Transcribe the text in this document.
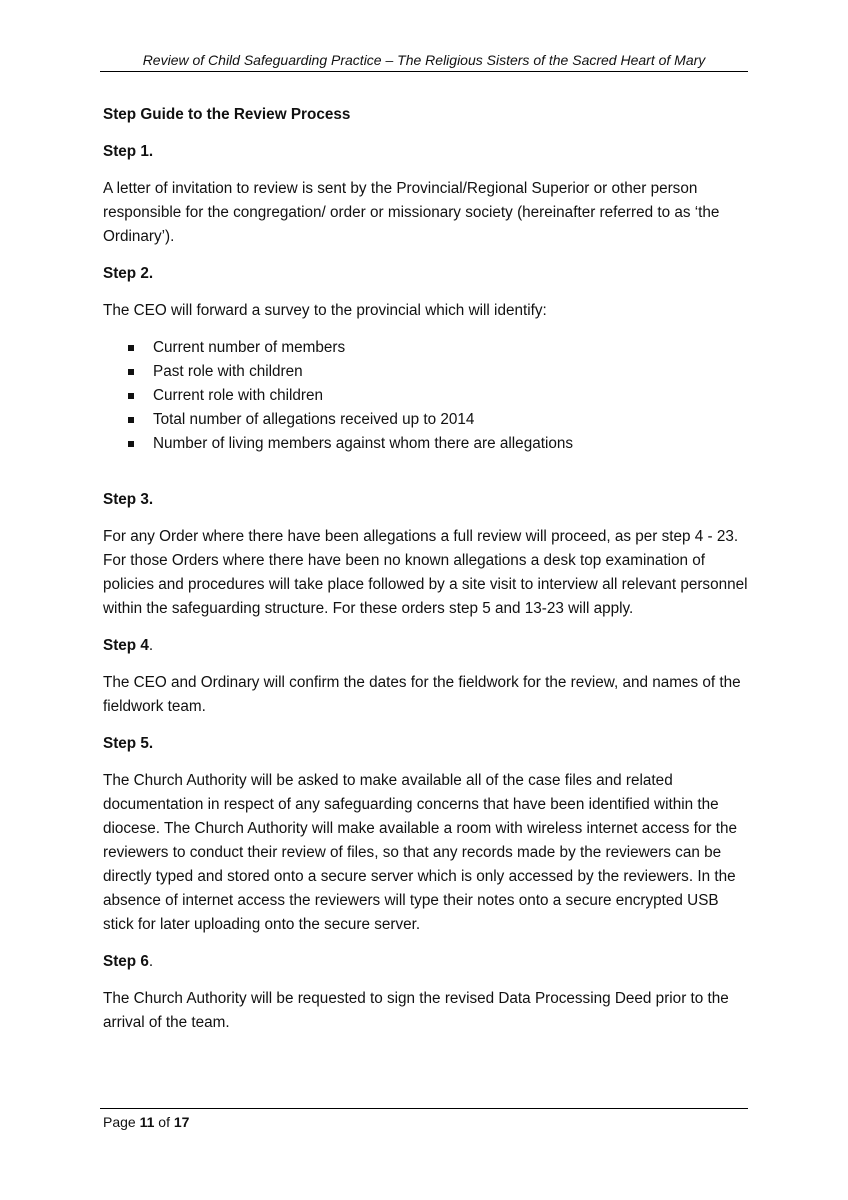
Review of Child Safeguarding Practice – The Religious Sisters of the Sacred Heart of Mary
Step Guide to the Review Process
Step 1.

A letter of invitation to review is sent by the Provincial/Regional Superior or other person responsible for the congregation/ order or missionary society (hereinafter referred to as ‘the Ordinary’).

Step 2.

The CEO will forward a survey to the provincial which will identify:

Current number of members
Past role with children
Current role with children
Total number of allegations received up to 2014
Number of living members against whom there are allegations
Step 3.

For any Order where there have been allegations a full review will proceed, as per step 4 - 23. For those Orders where there have been no known allegations a desk top examination of policies and procedures will take place followed by a site visit to interview all relevant personnel within the safeguarding structure. For these orders step 5 and 13-23 will apply.

Step 4.

The CEO and Ordinary will confirm the dates for the fieldwork for the review, and names of the fieldwork team.

Step 5.

The Church Authority will be asked to make available all of the case files and related documentation in respect of any safeguarding concerns that have been identified within the diocese. The Church Authority will make available a room with wireless internet access for the reviewers to conduct their review of files, so that any records made by the reviewers can be directly typed and stored onto a secure server which is only accessed by the reviewers. In the absence of internet access the reviewers will type their notes onto a secure encrypted USB stick for later uploading onto the secure server.

Step 6.

The Church Authority will be requested to sign the revised Data Processing Deed prior to the arrival of the team.

Page 11 of 17
